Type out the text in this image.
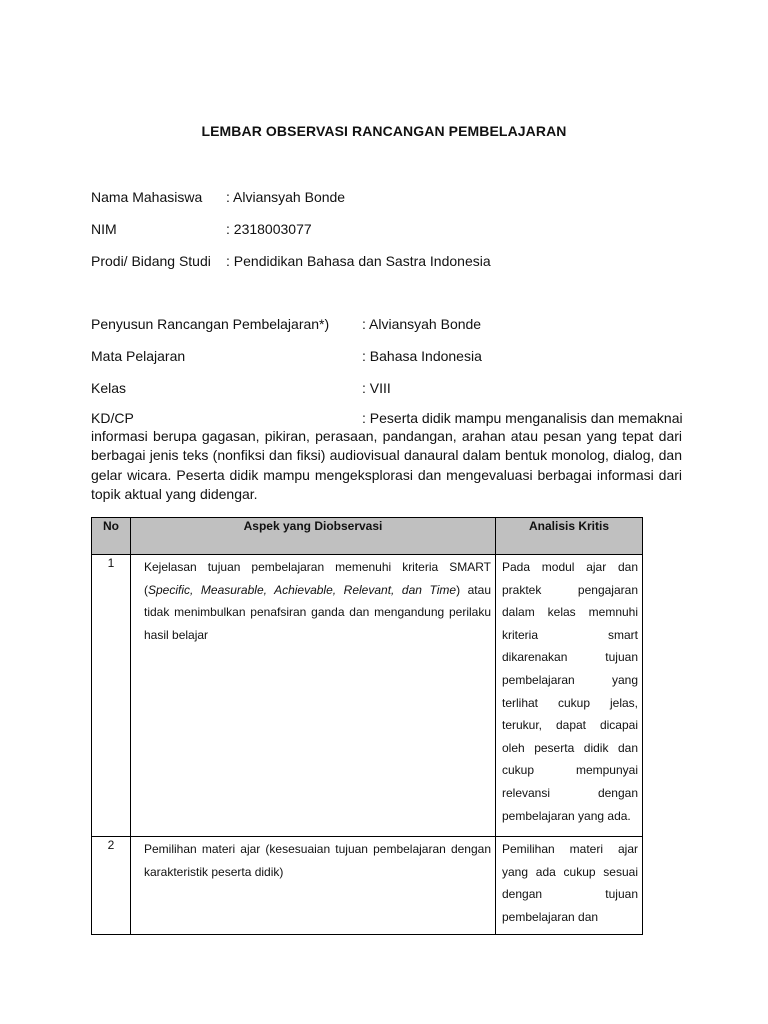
LEMBAR OBSERVASI RANCANGAN PEMBELAJARAN
Nama Mahasiswa : Alviansyah Bonde
NIM	: 2318003077
Prodi/ Bidang Studi : Pendidikan Bahasa dan Sastra Indonesia
Penyusun Rancangan Pembelajaran*) : Alviansyah Bonde
Mata Pelajaran	: Bahasa Indonesia
Kelas	: VIII
KD/CP	: Peserta didik mampu menganalisis dan memaknai
informasi berupa gagasan, pikiran, perasaan, pandangan, arahan atau pesan yang tepat dari berbagai jenis teks (nonfiksi dan fiksi) audiovisual danaural dalam bentuk monolog, dialog, dan gelar wicara. Peserta didik mampu mengeksplorasi dan mengevaluasi berbagai informasi dari topik aktual yang didengar.
No	Aspek yang Diobservasi	Analisis Kritis
1	Kejelasan tujuan pembelajaran memenuhi kriteria SMART (Specific, Measurable, Achievable, Relevant, dan Time) atau tidak menimbulkan penafsiran ganda dan mengandung perilaku hasil belajar	Pada modul ajar dan praktek pengajaran dalam kelas memnuhi kriteria smart dikarenakan tujuan pembelajaran yang terlihat cukup jelas, terukur, dapat dicapai oleh peserta didik dan cukup mempunyai relevansi dengan pembelajaran yang ada.

2	Pemilihan materi ajar (kesesuaian tujuan pembelajaran dengan karakteristik peserta didik)	Pemilihan materi ajar yang ada cukup sesuai dengan tujuan pembelajaran dan
